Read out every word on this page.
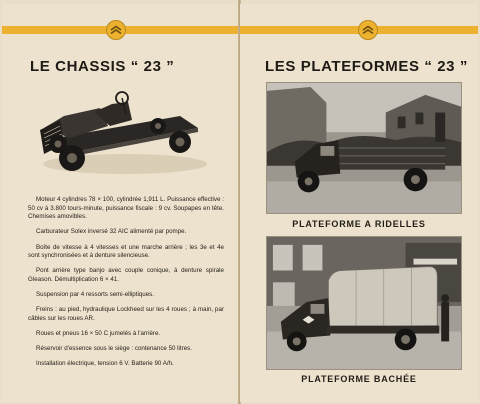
LE CHASSIS “ 23 ”

Moteur 4 cylindres 78 × 100, cylindrée 1,911 L. Puissance effective : 50 cv à 3.800 tours-minute, puissance fiscale : 9 cv. Soupapes en tête. Chemises amovibles.

Carburateur Solex inversé 32 AIC alimenté par pompe.

Boîte de vitesse à 4 vitesses et une marche arrière ; les 3e et 4e sont synchronisées et à denture silencieuse.

Pont arrière type banjo avec couple conique, à denture spirale Gleason. Démultiplication 6 × 41.

Suspension par 4 ressorts semi-elliptiques.

Freins : au pied, hydraulique Lockheed sur les 4 roues ; à main, par câbles sur les roues AR.

Roues et pneus 16 × 50 C jumelés à l'arrière.

Réservoir d'essence sous le siège : contenance 50 litres.

Installation électrique, tension 6 V. Batterie 90 A/h.

LES PLATEFORMES “ 23 ”
PLATEFORME A RIDELLES
PLATEFORME BACHÉE
